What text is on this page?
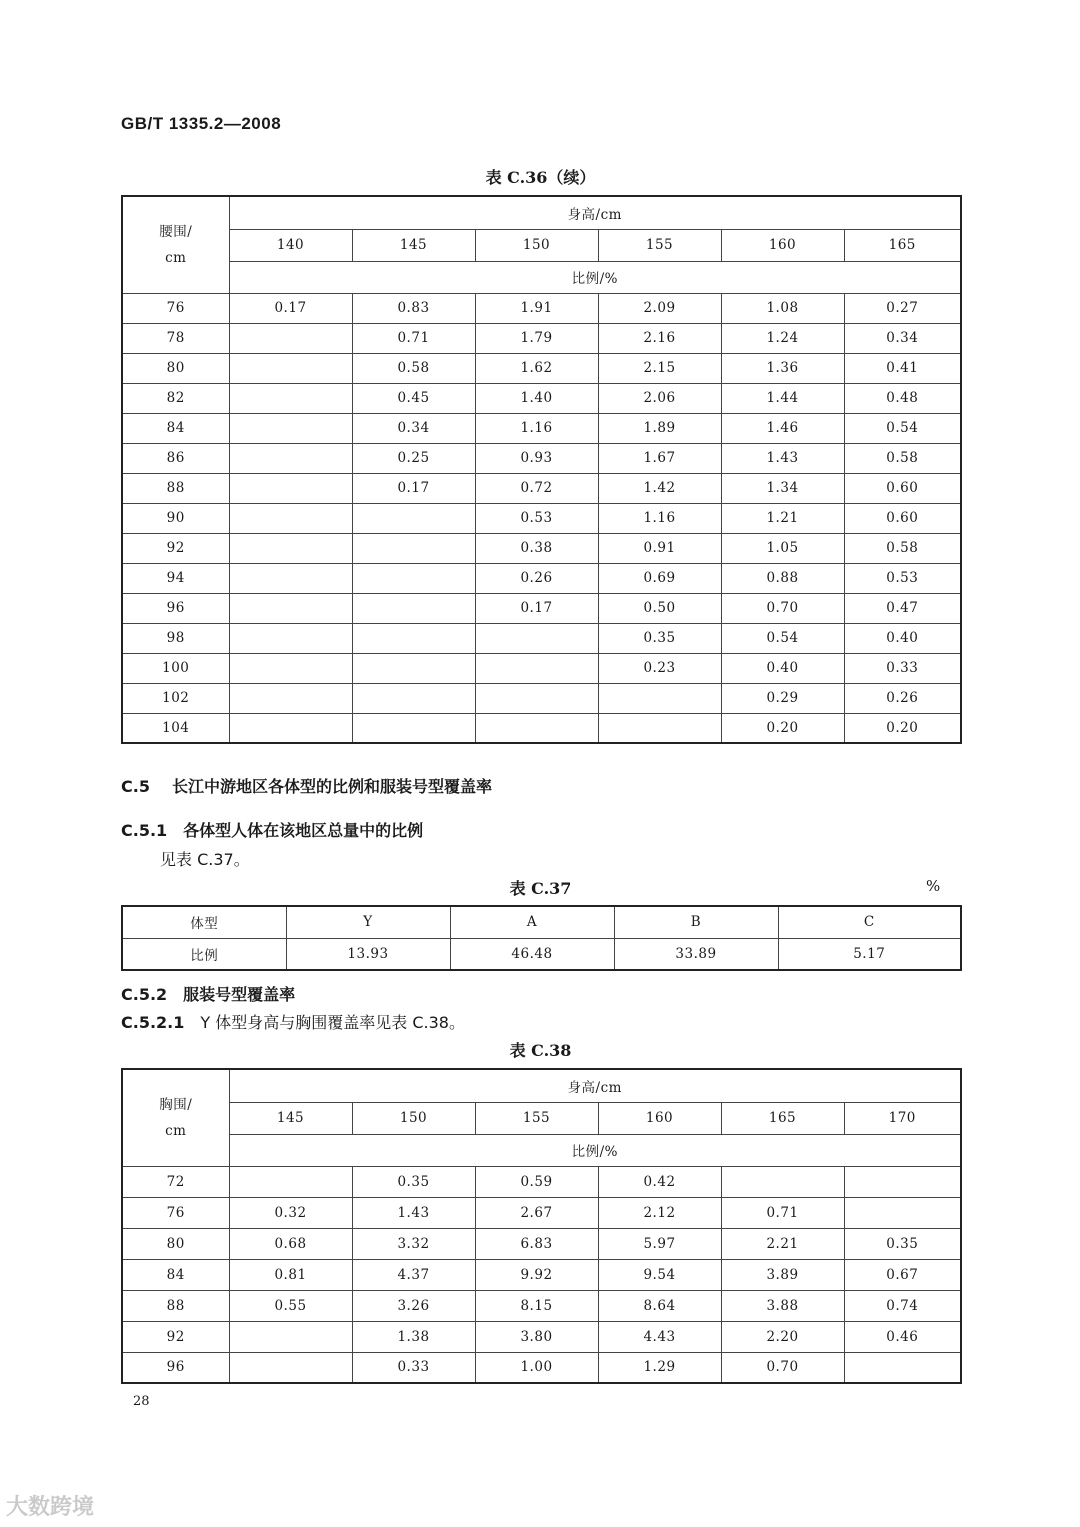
GB/T 1335.2—2008
表 C.36（续）
腰围/
cm	身高/cm					
	140	145	150	155	160	165
	比例/%					
76	0.17	0.83	1.91	2.09	1.08	0.27
78		0.71	1.79	2.16	1.24	0.34
80		0.58	1.62	2.15	1.36	0.41
82		0.45	1.40	2.06	1.44	0.48
84		0.34	1.16	1.89	1.46	0.54
86		0.25	0.93	1.67	1.43	0.58
88		0.17	0.72	1.42	1.34	0.60
90			0.53	1.16	1.21	0.60
92			0.38	0.91	1.05	0.58
94			0.26	0.69	0.88	0.53
96			0.17	0.50	0.70	0.47
98				0.35	0.54	0.40
100				0.23	0.40	0.33
102					0.29	0.26
104					0.20	0.20
C.5 长江中游地区各体型的比例和服装号型覆盖率
C.5.1 各体型人体在该地区总量中的比例
见表 C.37。
表 C.37	%
体型	Y	A	B	C
比例	13.93	46.48	33.89	5.17
C.5.2 服装号型覆盖率
C.5.2.1 Y 体型身高与胸围覆盖率见表 C.38。
表 C.38
胸围/
cm	身高/cm					
	145	150	155	160	165	170
	比例/%					
72		0.35	0.59	0.42		
76	0.32	1.43	2.67	2.12	0.71	
80	0.68	3.32	6.83	5.97	2.21	0.35
84	0.81	4.37	9.92	9.54	3.89	0.67
88	0.55	3.26	8.15	8.64	3.88	0.74
92		1.38	3.80	4.43	2.20	0.46
96		0.33	1.00	1.29	0.70	
28
大数跨境
